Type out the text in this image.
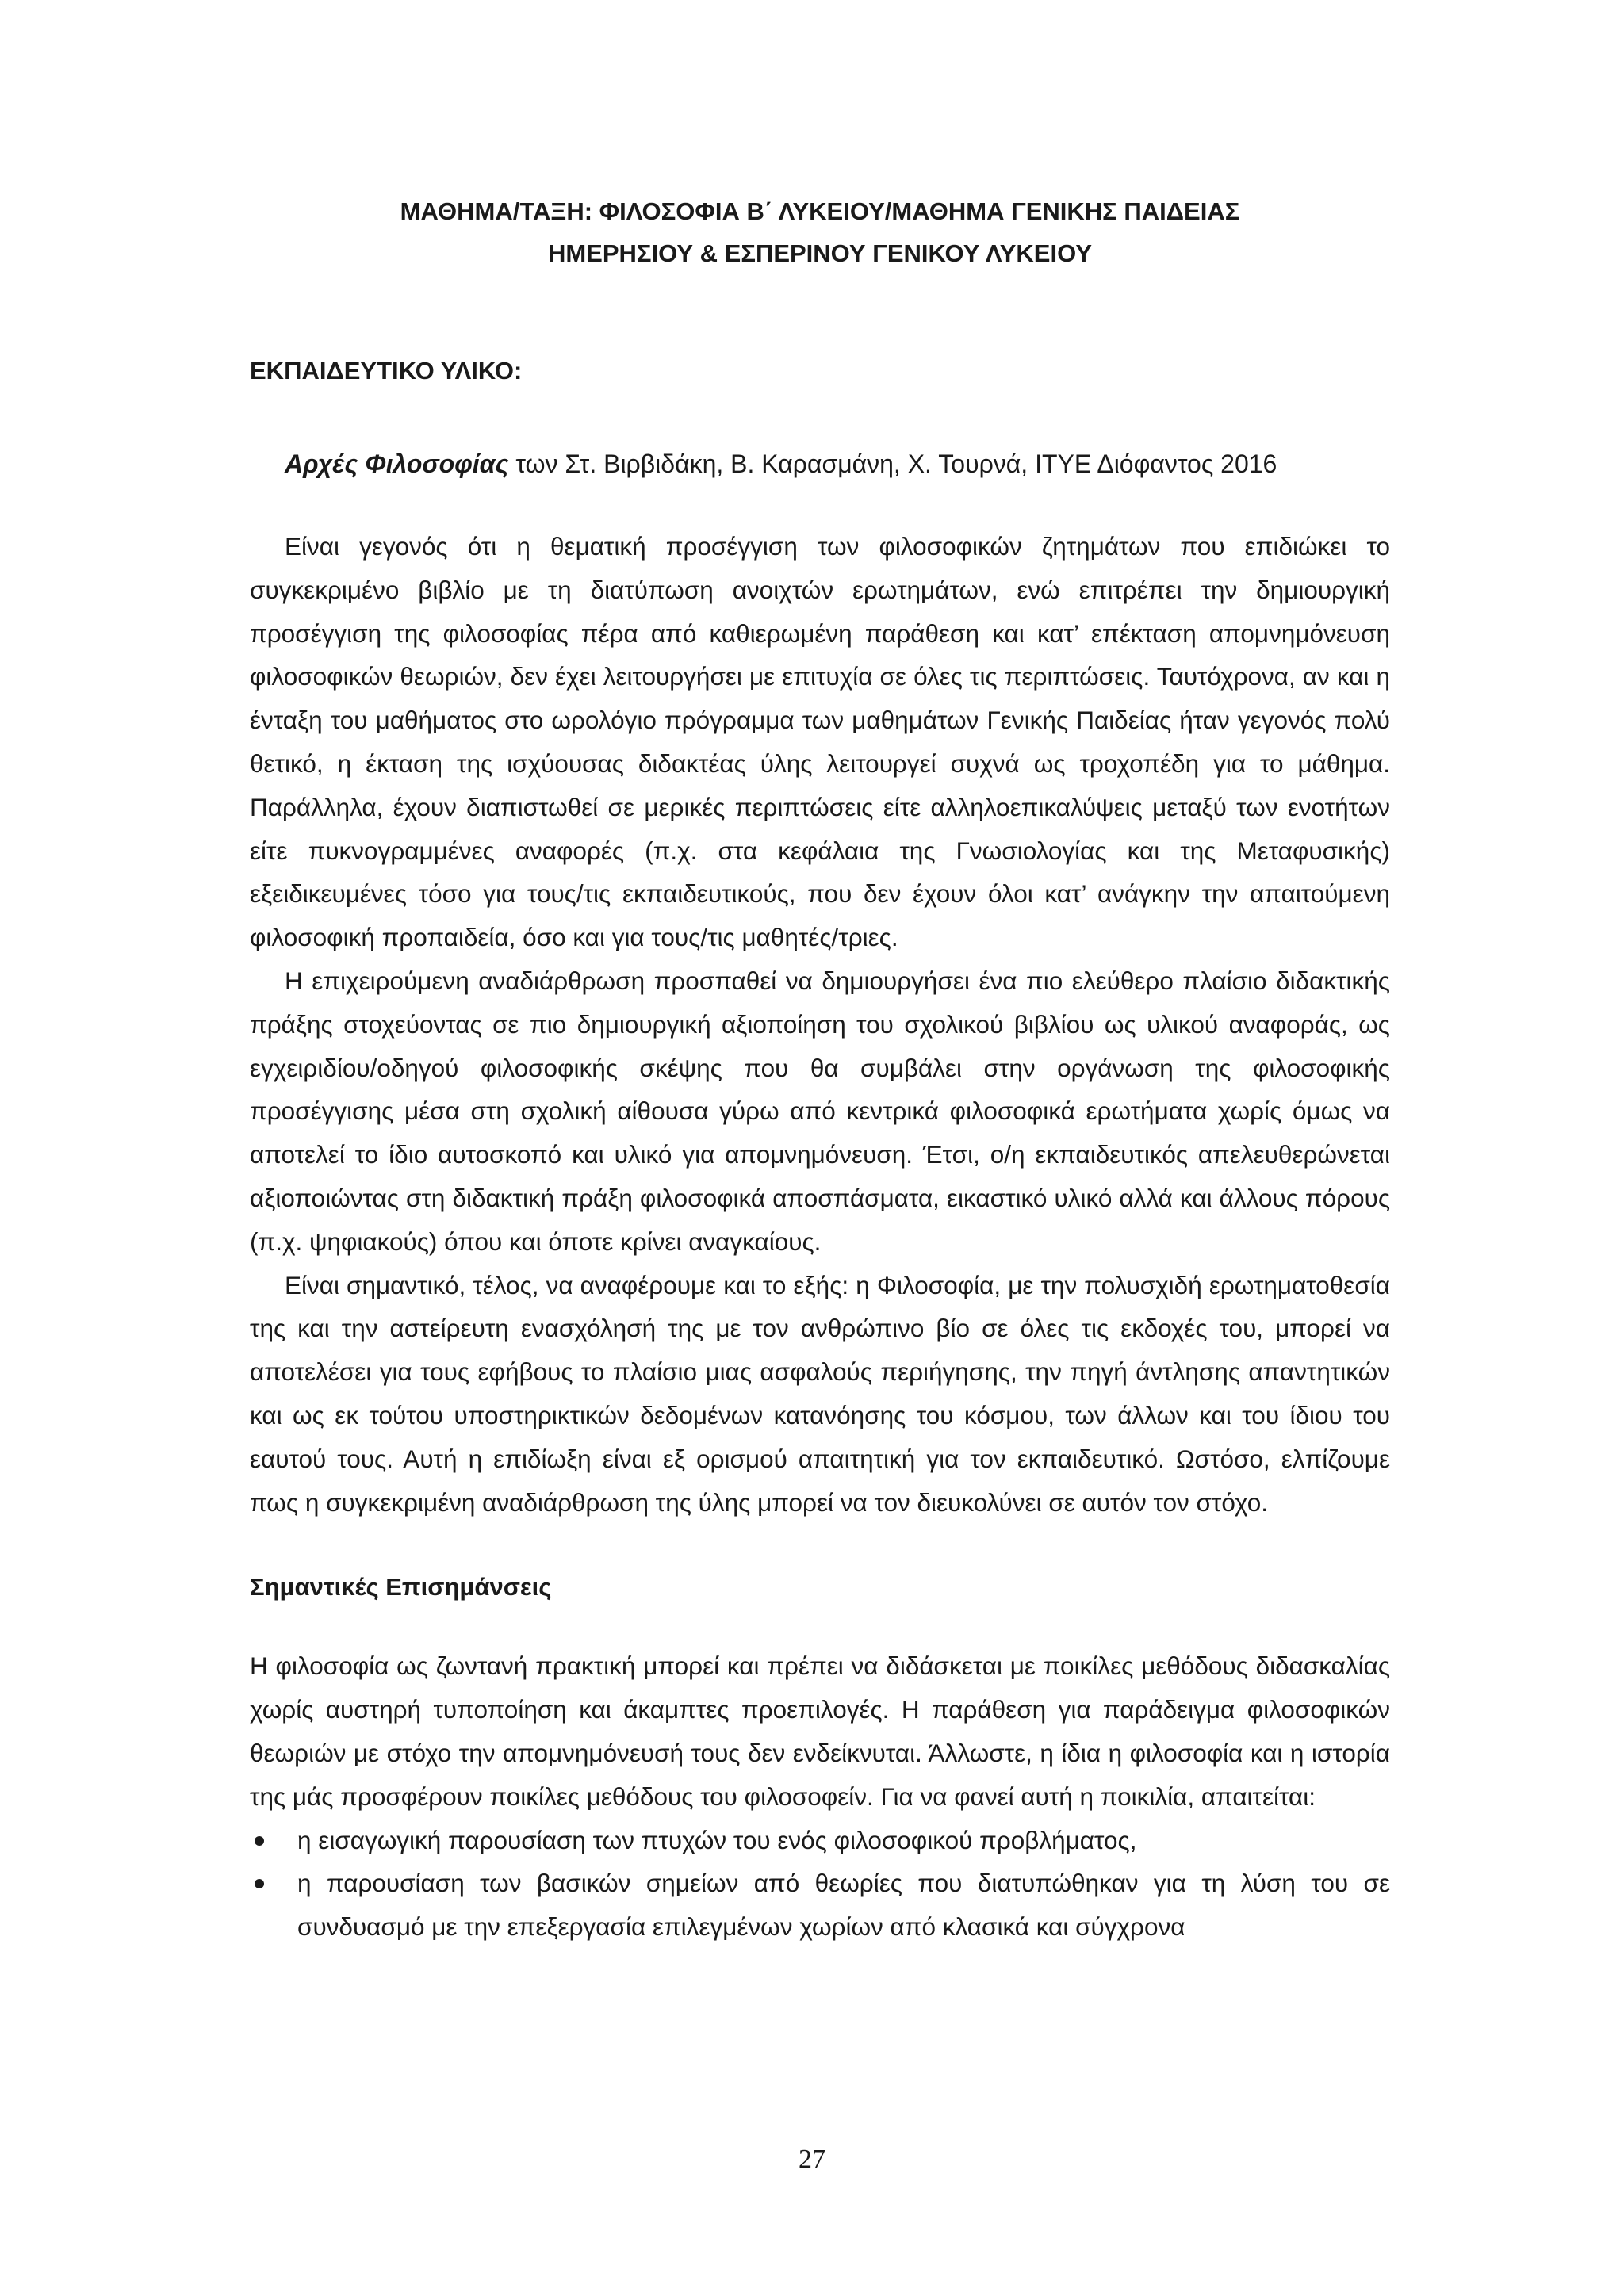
ΜΑΘΗΜΑ/ΤΑΞΗ: ΦΙΛΟΣΟΦΙΑ Β΄ ΛΥΚΕΙΟΥ/ΜΑΘΗΜΑ ΓΕΝΙΚΗΣ ΠΑΙΔΕΙΑΣ

ΗΜΕΡΗΣΙΟΥ & ΕΣΠΕΡΙΝΟΥ ΓΕΝΙΚΟΥ ΛΥΚΕΙΟΥ

ΕΚΠΑΙΔΕΥΤΙΚΟ ΥΛΙΚΟ:

Αρχές Φιλοσοφίας των Στ. Βιρβιδάκη, Β. Καρασμάνη, Χ. Τουρνά, ΙΤΥΕ Διόφαντος 2016

Είναι γεγονός ότι η θεματική προσέγγιση των φιλοσοφικών ζητημάτων που επιδιώκει το συγκεκριμένο βιβλίο με τη διατύπωση ανοιχτών ερωτημάτων, ενώ επιτρέπει την δημιουργική προσέγγιση της φιλοσοφίας πέρα από καθιερωμένη παράθεση και κατ’ επέκταση απομνημόνευση φιλοσοφικών θεωριών, δεν έχει λειτουργήσει με επιτυχία σε όλες τις περιπτώσεις. Ταυτόχρονα, αν και η ένταξη του μαθήματος στο ωρολόγιο πρόγραμμα των μαθημάτων Γενικής Παιδείας ήταν γεγονός πολύ θετικό, η έκταση της ισχύουσας διδακτέας ύλης λειτουργεί συχνά ως τροχοπέδη για το μάθημα. Παράλληλα, έχουν διαπιστωθεί σε μερικές περιπτώσεις είτε αλληλοεπικαλύψεις μεταξύ των ενοτήτων είτε πυκνογραμμένες αναφορές (π.χ. στα κεφάλαια της Γνωσιολογίας και της Μεταφυσικής) εξειδικευμένες τόσο για τους/τις εκπαιδευτικούς, που δεν έχουν όλοι κατ’ ανάγκην την απαιτούμενη φιλοσοφική προπαιδεία, όσο και για τους/τις μαθητές/τριες.

Η επιχειρούμενη αναδιάρθρωση προσπαθεί να δημιουργήσει ένα πιο ελεύθερο πλαίσιο διδακτικής πράξης στοχεύοντας σε πιο δημιουργική αξιοποίηση του σχολικού βιβλίου ως υλικού αναφοράς, ως εγχειριδίου/οδηγού φιλοσοφικής σκέψης που θα συμβάλει στην οργάνωση της φιλοσοφικής προσέγγισης μέσα στη σχολική αίθουσα γύρω από κεντρικά φιλοσοφικά ερωτήματα χωρίς όμως να αποτελεί το ίδιο αυτοσκοπό και υλικό για απομνημόνευση. Έτσι, ο/η εκπαιδευτικός απελευθερώνεται αξιοποιώντας στη διδακτική πράξη φιλοσοφικά αποσπάσματα, εικαστικό υλικό αλλά και άλλους πόρους (π.χ. ψηφιακούς) όπου και όποτε κρίνει αναγκαίους.

Είναι σημαντικό, τέλος, να αναφέρουμε και το εξής: η Φιλοσοφία, με την πολυσχιδή ερωτηματοθεσία της και την αστείρευτη ενασχόλησή της με τον ανθρώπινο βίο σε όλες τις εκδοχές του, μπορεί να αποτελέσει για τους εφήβους το πλαίσιο μιας ασφαλούς περιήγησης, την πηγή άντλησης απαντητικών και ως εκ τούτου υποστηρικτικών δεδομένων κατανόησης του κόσμου, των άλλων και του ίδιου του εαυτού τους. Αυτή η επιδίωξη είναι εξ ορισμού απαιτητική για τον εκπαιδευτικό. Ωστόσο, ελπίζουμε πως η συγκεκριμένη αναδιάρθρωση της ύλης μπορεί να τον διευκολύνει σε αυτόν τον στόχο.

Σημαντικές Επισημάνσεις

Η φιλοσοφία ως ζωντανή πρακτική μπορεί και πρέπει να διδάσκεται με ποικίλες μεθόδους διδασκαλίας χωρίς αυστηρή τυποποίηση και άκαμπτες προεπιλογές. Η παράθεση για παράδειγμα φιλοσοφικών θεωριών με στόχο την απομνημόνευσή τους δεν ενδείκνυται. Άλλωστε, η ίδια η φιλοσοφία και η ιστορία της μάς προσφέρουν ποικίλες μεθόδους του φιλοσοφείν. Για να φανεί αυτή η ποικιλία, απαιτείται:

η εισαγωγική παρουσίαση των πτυχών του ενός φιλοσοφικού προβλήματος,
η παρουσίαση των βασικών σημείων από θεωρίες που διατυπώθηκαν για τη λύση του σε συνδυασμό με την επεξεργασία επιλεγμένων χωρίων από κλασικά και σύγχρονα
27
